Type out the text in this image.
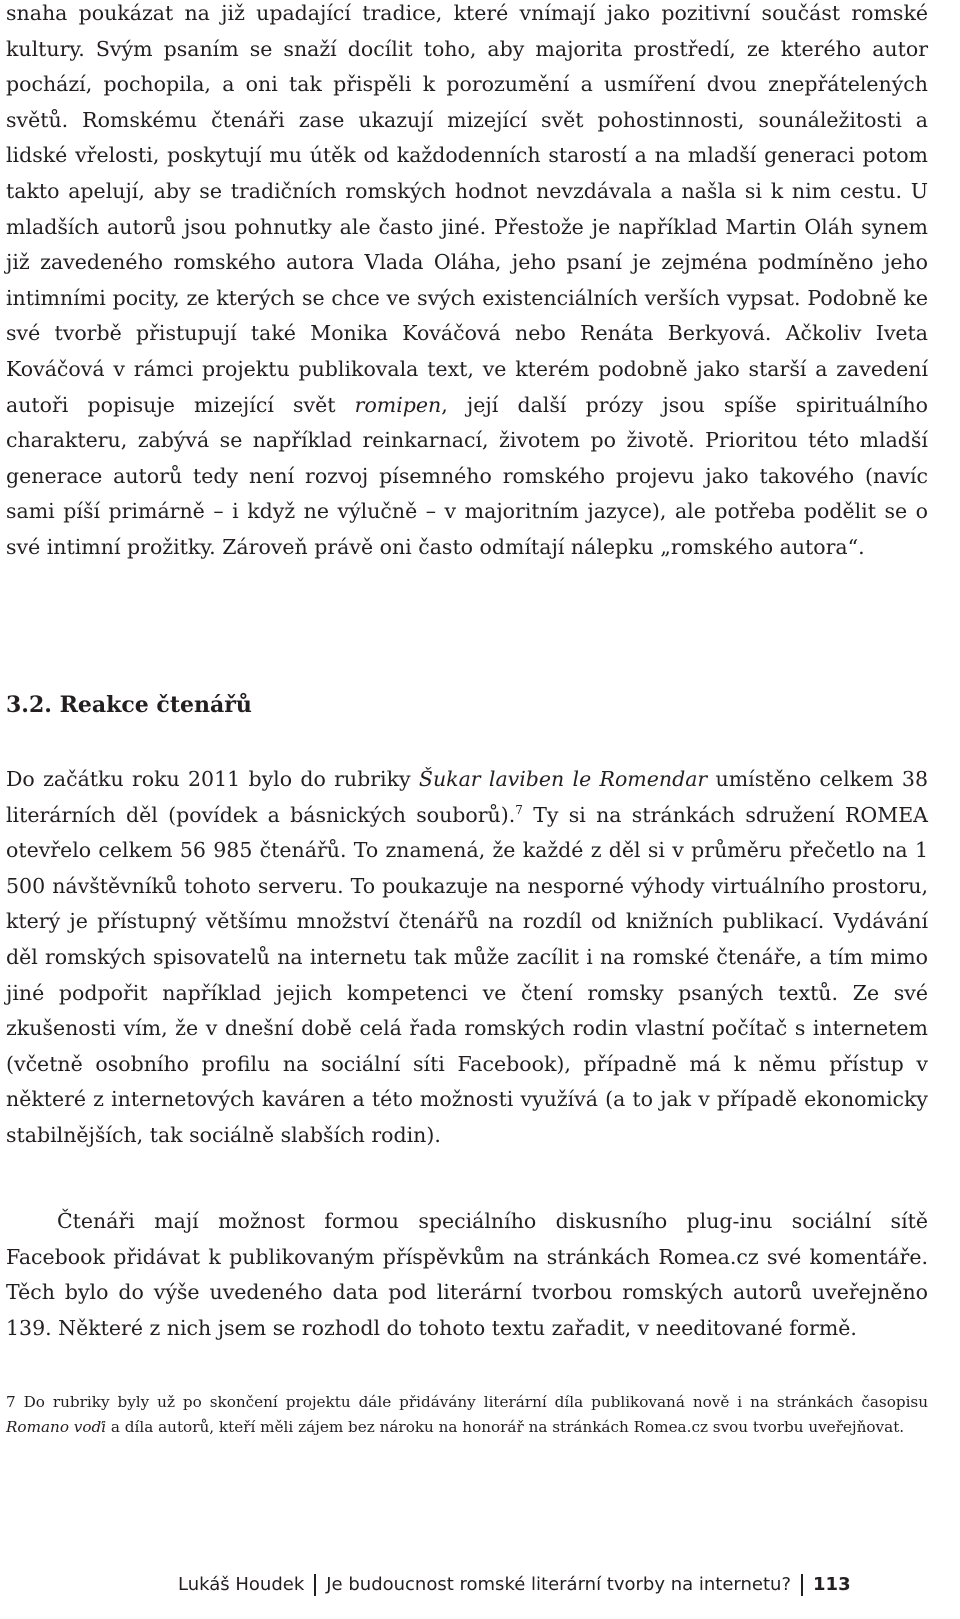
snaha poukázat na již upadající tradice, které vnímají jako pozitivní součást romské kultury. Svým psaním se snaží docílit toho, aby majorita prostředí, ze kterého autor pochází, pochopila, a oni tak přispěli k porozumění a usmíření dvou znepřátelených světů. Romskému čtenáři zase ukazují mizející svět pohostinnosti, sounáležitosti a lidské vřelosti, poskytují mu útěk od každodenních starostí a na mladší generaci potom takto apelují, aby se tradičních romských hodnot nevzdávala a našla si k nim cestu. U mladších autorů jsou pohnutky ale často jiné. Přestože je například Martin Oláh synem již zavedeného romského autora Vlada Oláha, jeho psaní je zejména podmíněno jeho intimními pocity, ze kterých se chce ve svých existenciálních verších vypsat. Podobně ke své tvorbě přistupují také Monika Kováčová nebo Renáta Berkyová. Ačkoliv Iveta Kováčová v rámci projektu publikovala text, ve kterém podobně jako starší a zavedení autoři popisuje mizející svět romipen, její další prózy jsou spíše spirituálního charakteru, zabývá se například reinkarnací, životem po životě. Prioritou této mladší generace autorů tedy není rozvoj písemného romského projevu jako takového (navíc sami píší primárně – i když ne výlučně – v majoritním jazyce), ale potřeba podělit se o své intimní prožitky. Zároveň právě oni často odmítají nálepku „romského autora“.

3.2. Reakce čtenářů

Do začátku roku 2011 bylo do rubriky Šukar laviben le Romendar umístěno celkem 38 literárních děl (povídek a básnických souborů).$^7$ Ty si na stránkách sdružení ROMEA otevřelo celkem 56 985 čtenářů. To znamená, že každé z děl si v průměru přečetlo na 1 500 návštěvníků tohoto serveru. To poukazuje na nesporné výhody virtuálního prostoru, který je přístupný většímu množství čtenářů na rozdíl od knižních publikací. Vydávání děl romských spisovatelů na internetu tak může zacílit i na romské čtenáře, a tím mimo jiné podpořit například jejich kompetenci ve čtení romsky psaných textů. Ze své zkušenosti vím, že v dnešní době celá řada romských rodin vlastní počítač s internetem (včetně osobního profilu na sociální síti Facebook), případně má k němu přístup v některé z internetových kaváren a této možnosti využívá (a to jak v případě ekonomicky stabilnějších, tak sociálně slabších rodin).

Čtenáři mají možnost formou speciálního diskusního plug-inu sociální sítě Facebook přidávat k publikovaným příspěvkům na stránkách Romea.cz své komentáře. Těch bylo do výše uvedeného data pod literární tvorbou romských autorů uveřejněno 139. Některé z nich jsem se rozhodl do tohoto textu zařadit, v needitované formě.

7 Do rubriky byly už po skončení projektu dále přidávány literární díla publikovaná nově i na stránkách časopisu Romano voďi a díla autorů, kteří měli zájem bez nároku na honorář na stránkách Romea.cz svou tvorbu uveřejňovat.

Lukáš Houdek Je budoucnost romské literární tvorby na internetu? 113
